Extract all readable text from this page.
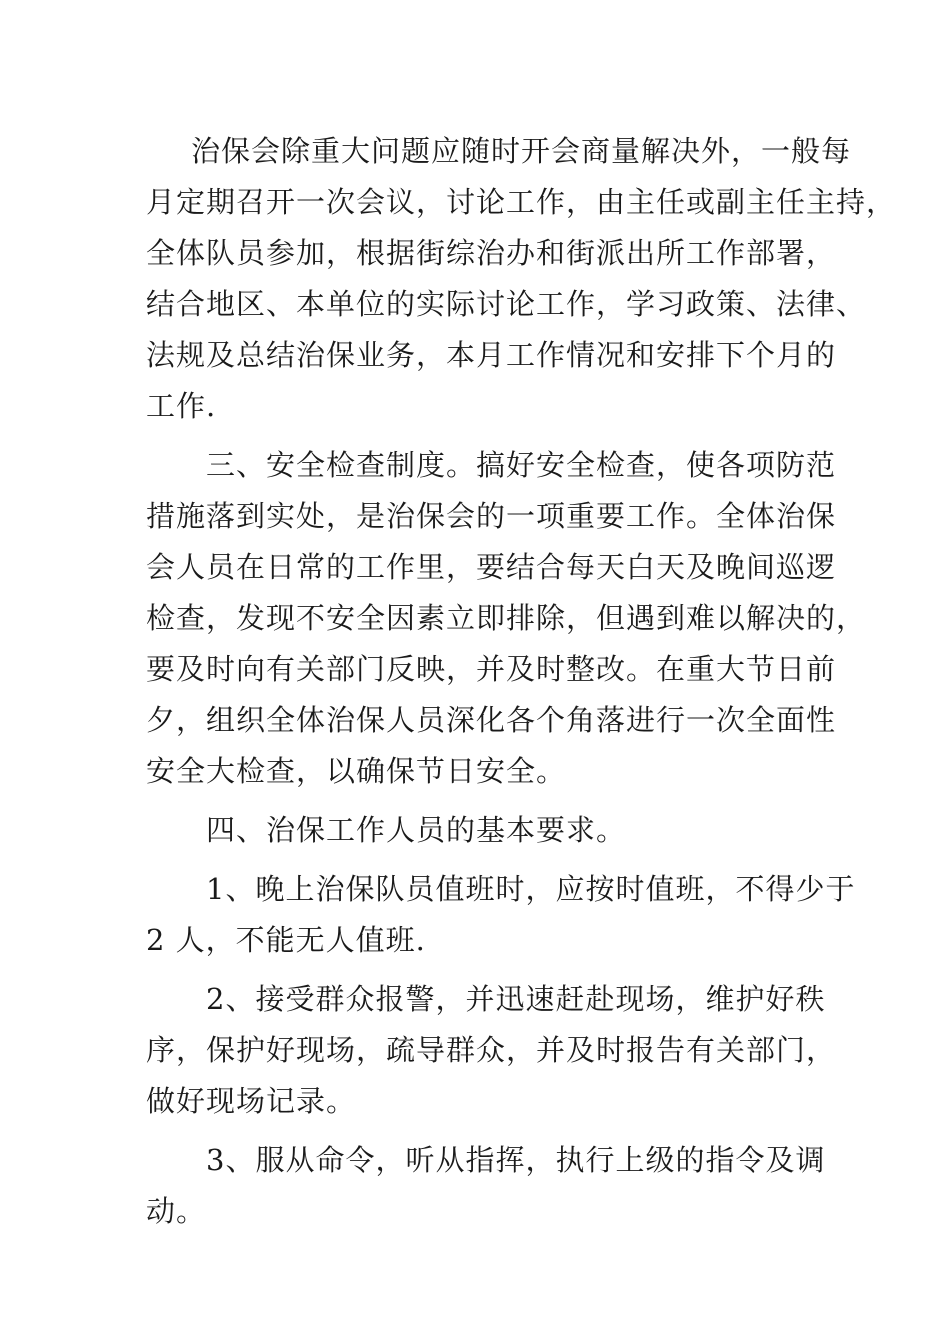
治保会除重大问题应随时开会商量解决外，一般每
月定期召开一次会议，讨论工作，由主任或副主任主持，
全体队员参加，根据街综治办和街派出所工作部署，
结合地区、本单位的实际讨论工作，学习政策、法律、
法规及总结治保业务，本月工作情况和安排下个月的
工作.
三、安全检查制度。搞好安全检查，使各项防范
措施落到实处，是治保会的一项重要工作。全体治保
会人员在日常的工作里，要结合每天白天及晚间巡逻
检查，发现不安全因素立即排除，但遇到难以解决的，
要及时向有关部门反映，并及时整改。在重大节日前
夕，组织全体治保人员深化各个角落进行一次全面性
安全大检查，以确保节日安全。
四、治保工作人员的基本要求。
1、晚上治保队员值班时，应按时值班，不得少于
2 人，不能无人值班.
2、接受群众报警，并迅速赶赴现场，维护好秩
序，保护好现场，疏导群众，并及时报告有关部门，
做好现场记录。
3、服从命令，听从指挥，执行上级的指令及调
动。
